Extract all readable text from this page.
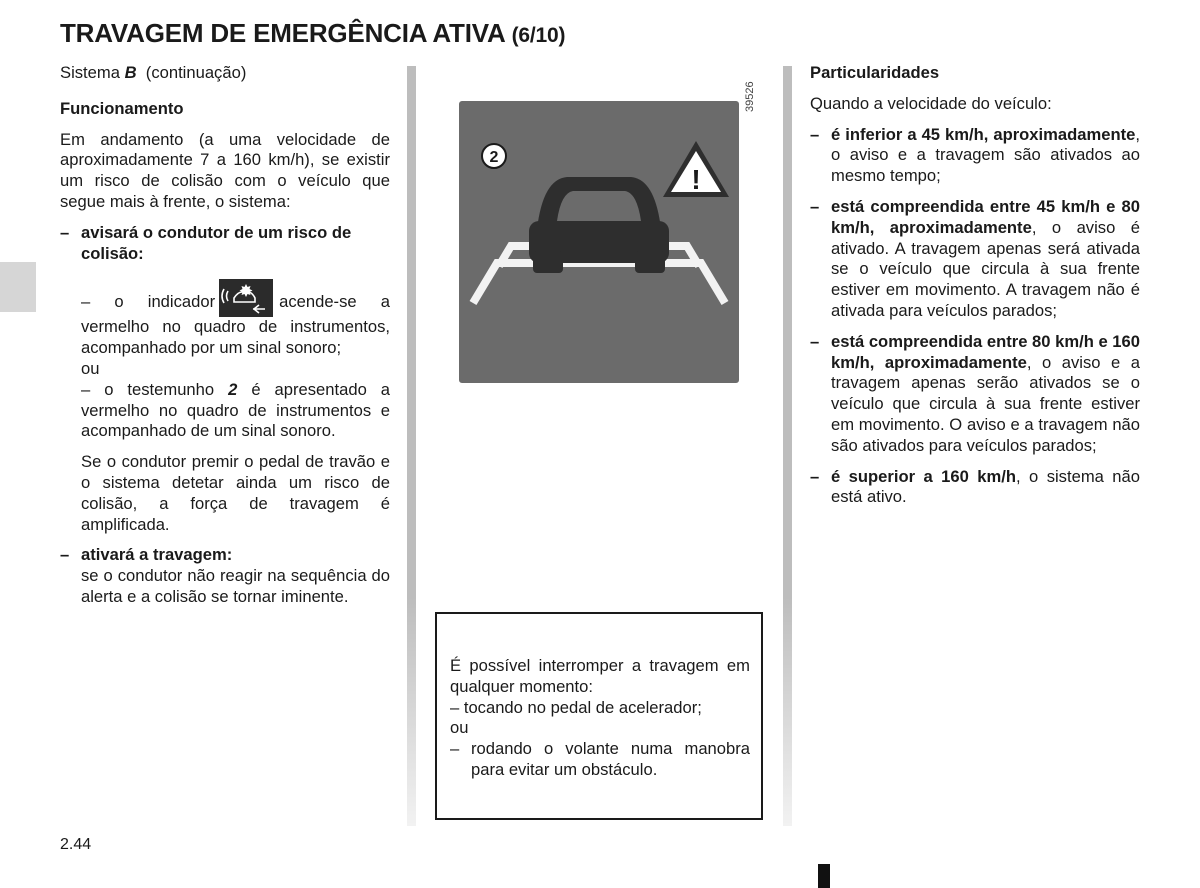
TRAVAGEM DE EMERGÊNCIA ATIVA (6/10)

Sistema B (continuação)

Funcionamento

Em andamento (a uma velocidade de aproximadamente 7 a 160 km/h), se existir um risco de colisão com o veículo que segue mais à frente, o sistema:

– avisará o condutor de um risco de colisão:

– o indicador	acende-se a vermelho no quadro de instrumentos, acompanhado por um sinal sonoro;

ou

– o testemunho 2 é apresentado a vermelho no quadro de instrumentos e acompanhado de um sinal sonoro.

Se o condutor premir o pedal de travão e o sistema detetar ainda um risco de colisão, a força de travagem é amplificada.

– ativará a travagem:

se o condutor não reagir na sequência do alerta e a colisão se tornar iminente.

!
2
39526

É possível interromper a travagem em qualquer momento:

– tocando no pedal de acelerador;

ou

– rodando o volante numa manobra para evitar um obstáculo.

Particularidades

Quando a velocidade do veículo:

– é inferior a 45 km/h, aproximadamente, o aviso e a travagem são ativados ao mesmo tempo;
– está compreendida entre 45 km/h e 80 km/h, aproximadamente, o aviso é ativado. A travagem apenas será ativada se o veículo que circula à sua frente estiver em movimento. A travagem não é ativada para veículos parados;
– está compreendida entre 80 km/h e 160 km/h, aproximadamente, o aviso e a travagem apenas serão ativados se o veículo que circula à sua frente estiver em movimento. O aviso e a travagem não são ativados para veículos parados;
– é superior a 160 km/h, o sistema não está ativo.
2.44
